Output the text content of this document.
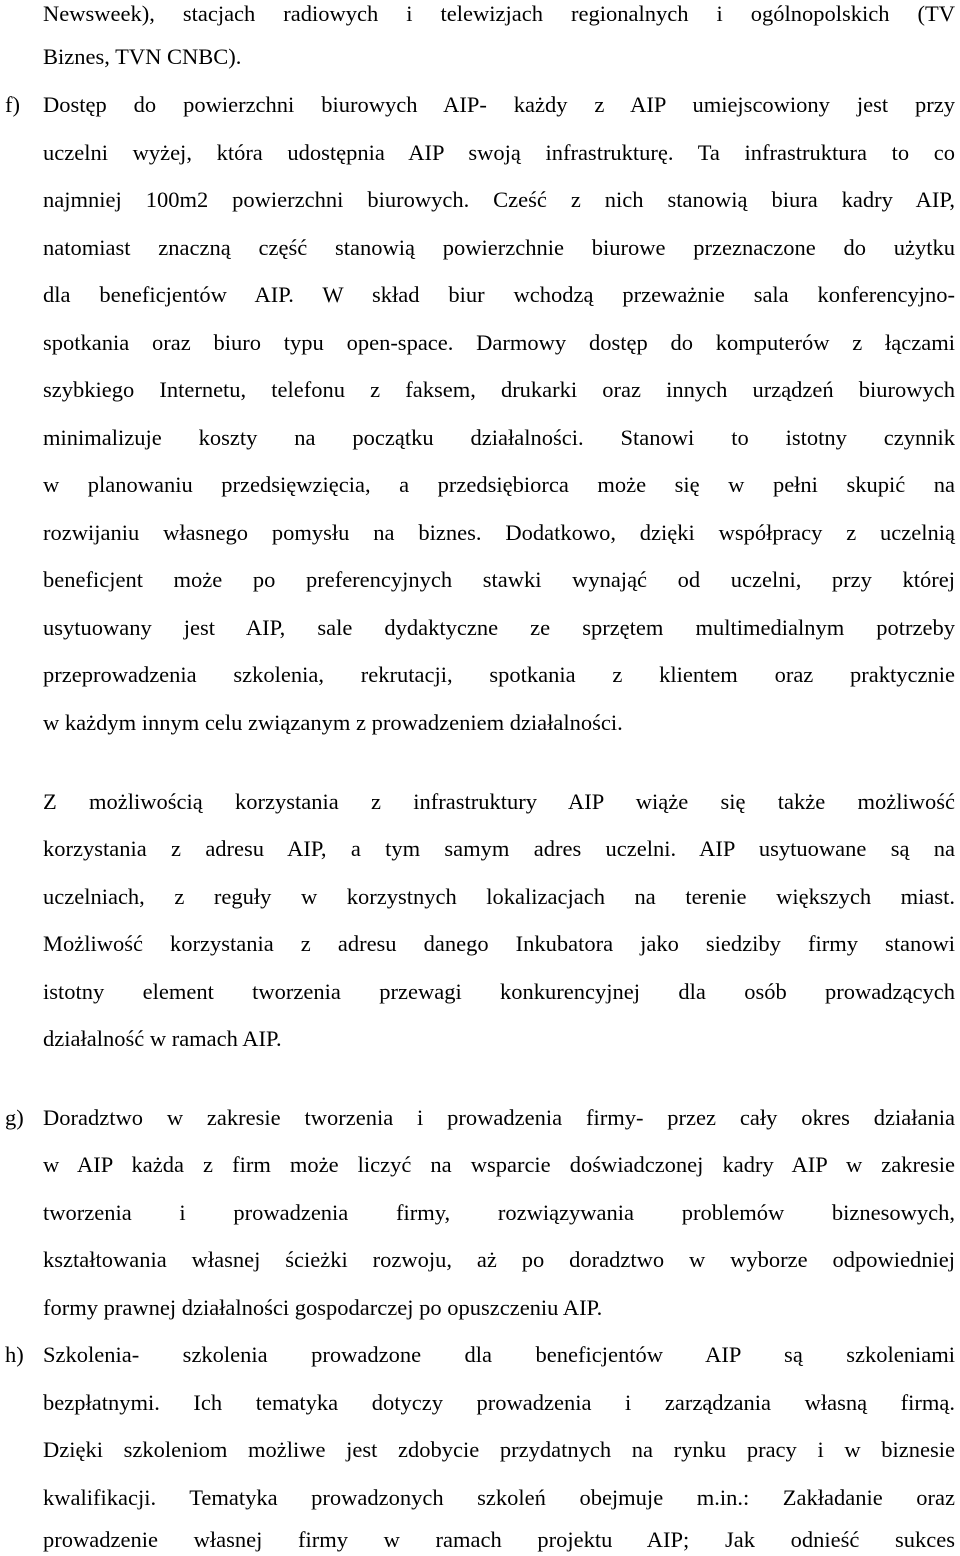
Newsweek), stacjach radiowych i telewizjach regionalnych i ogólnopolskich (TV
Biznes, TVN CNBC).
f) Dostęp do powierzchni biurowych AIP- każdy z AIP umiejscowiony jest przy
uczelni wyżej, która udostępnia AIP swoją infrastrukturę. Ta infrastruktura to co
najmniej 100m2 powierzchni biurowych. Cześć z nich stanowią biura kadry AIP,
natomiast znaczną część stanowią powierzchnie biurowe przeznaczone do użytku
dla beneficjentów AIP. W skład biur wchodzą przeważnie sala konferencyjno-
spotkania oraz biuro typu open-space. Darmowy dostęp do komputerów z łączami
szybkiego Internetu, telefonu z faksem, drukarki oraz innych urządzeń biurowych
minimalizuje koszty na początku działalności. Stanowi to istotny czynnik
w planowaniu przedsięwzięcia, a przedsiębiorca może się w pełni skupić na
rozwijaniu własnego pomysłu na biznes. Dodatkowo, dzięki współpracy z uczelnią
beneficjent może po preferencyjnych stawki wynająć od uczelni, przy której
usytuowany jest AIP, sale dydaktyczne ze sprzętem multimedialnym potrzeby
przeprowadzenia szkolenia, rekrutacji, spotkania z klientem oraz praktycznie
w każdym innym celu związanym z prowadzeniem działalności.
Z możliwością korzystania z infrastruktury AIP wiąże się także możliwość
korzystania z adresu AIP, a tym samym adres uczelni. AIP usytuowane są na
uczelniach, z reguły w korzystnych lokalizacjach na terenie większych miast.
Możliwość korzystania z adresu danego Inkubatora jako siedziby firmy stanowi
istotny element tworzenia przewagi konkurencyjnej dla osób prowadzących
działalność w ramach AIP.
g) Doradztwo w zakresie tworzenia i prowadzenia firmy- przez cały okres działania
w AIP każda z firm może liczyć na wsparcie doświadczonej kadry AIP w zakresie
tworzenia i prowadzenia firmy, rozwiązywania problemów biznesowych,
kształtowania własnej ścieżki rozwoju, aż po doradztwo w wyborze odpowiedniej
formy prawnej działalności gospodarczej po opuszczeniu AIP.
h) Szkolenia- szkolenia prowadzone dla beneficjentów AIP są szkoleniami
bezpłatnymi. Ich tematyka dotyczy prowadzenia i zarządzania własną firmą.
Dzięki szkoleniom możliwe jest zdobycie przydatnych na rynku pracy i w biznesie
kwalifikacji. Tematyka prowadzonych szkoleń obejmuje m.in.: Zakładanie oraz
prowadzenie własnej firmy w ramach projektu AIP; Jak odnieść sukces
